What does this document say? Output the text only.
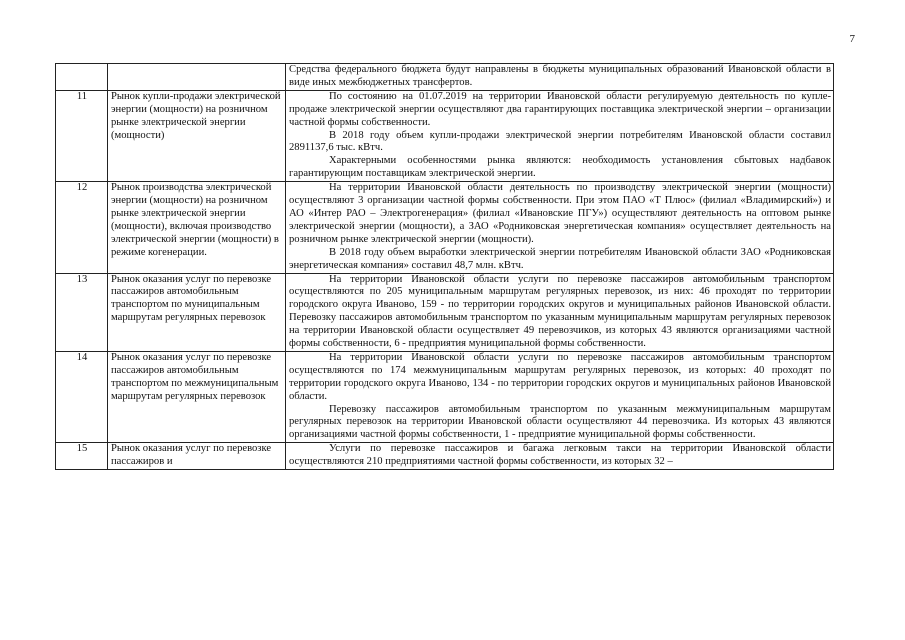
7

		Средства федерального бюджета будут направлены в бюджеты муниципальных образований Ивановской области в виде иных межбюджетных трансфертов.

11	Рынок купли-продажи электрической энергии (мощности) на розничном рынке электрической энергии (мощности)	По состоянию на 01.07.2019 на территории Ивановской области регулируемую деятельность по купле-продаже электрической энергии осуществляют два гарантирующих поставщика электрической энергии – организации частной формы собственности.

В 2018 году объем купли-продажи электрической энергии потребителям Ивановской области составил 2891137,6 тыс. кВтч.

Характерными особенностями рынка являются: необходимость установления сбытовых надбавок гарантирующим поставщикам электрической энергии.

12	Рынок производства электрической энергии (мощности) на розничном рынке электрической энергии (мощности), включая производство электрической энергии (мощности) в режиме когенерации.	На территории Ивановской области деятельность по производству электрической энергии (мощности) осуществляют 3 организации частной формы собственности. При этом ПАО «Т Плюс» (филиал «Владимирский») и АО «Интер РАО – Электрогенерация» (филиал «Ивановские ПГУ») осуществляют деятельность на оптовом рынке электрической энергии (мощности), а ЗАО «Родниковская энергетическая компания» осуществляет деятельность на розничном рынке электрической энергии (мощности).

В 2018 году объем выработки электрической энергии потребителям Ивановской области ЗАО «Родниковская энергетическая компания» составил 48,7 млн. кВтч.

13	Рынок оказания услуг по перевозке пассажиров автомобильным транспортом по муниципальным маршрутам регулярных перевозок	На территории Ивановской области услуги по перевозке пассажиров автомобильным транспортом осуществляются по 205 муниципальным маршрутам регулярных перевозок, из них: 46 проходят по территории городского округа Иваново, 159 - по территории городских округов и муниципальных районов Ивановской области. Перевозку пассажиров автомобильным транспортом по указанным муниципальным маршрутам регулярных перевозок на территории Ивановской области осуществляет 49 перевозчиков, из которых 43 являются организациями частной формы собственности, 6 - предприятия муниципальной формы собственности.

14	Рынок оказания услуг по перевозке пассажиров автомобильным транспортом по межмуниципальным маршрутам регулярных перевозок	На территории Ивановской области услуги по перевозке пассажиров автомобильным транспортом осуществляются по 174 межмуниципальным маршрутам регулярных перевозок, из которых: 40 проходят по территории городского округа Иваново, 134 - по территории городских округов и муниципальных районов Ивановской области.

Перевозку пассажиров автомобильным транспортом по указанным межмуниципальным маршрутам регулярных перевозок на территории Ивановской области осуществляют 44 перевозчика. Из которых 43 являются организациями частной формы собственности, 1 - предприятие муниципальной формы собственности.

15	Рынок оказания услуг по перевозке пассажиров и	Услуги по перевозке пассажиров и багажа легковым такси на территории Ивановской области осуществляются 210 предприятиями частной формы собственности, из которых 32 –
